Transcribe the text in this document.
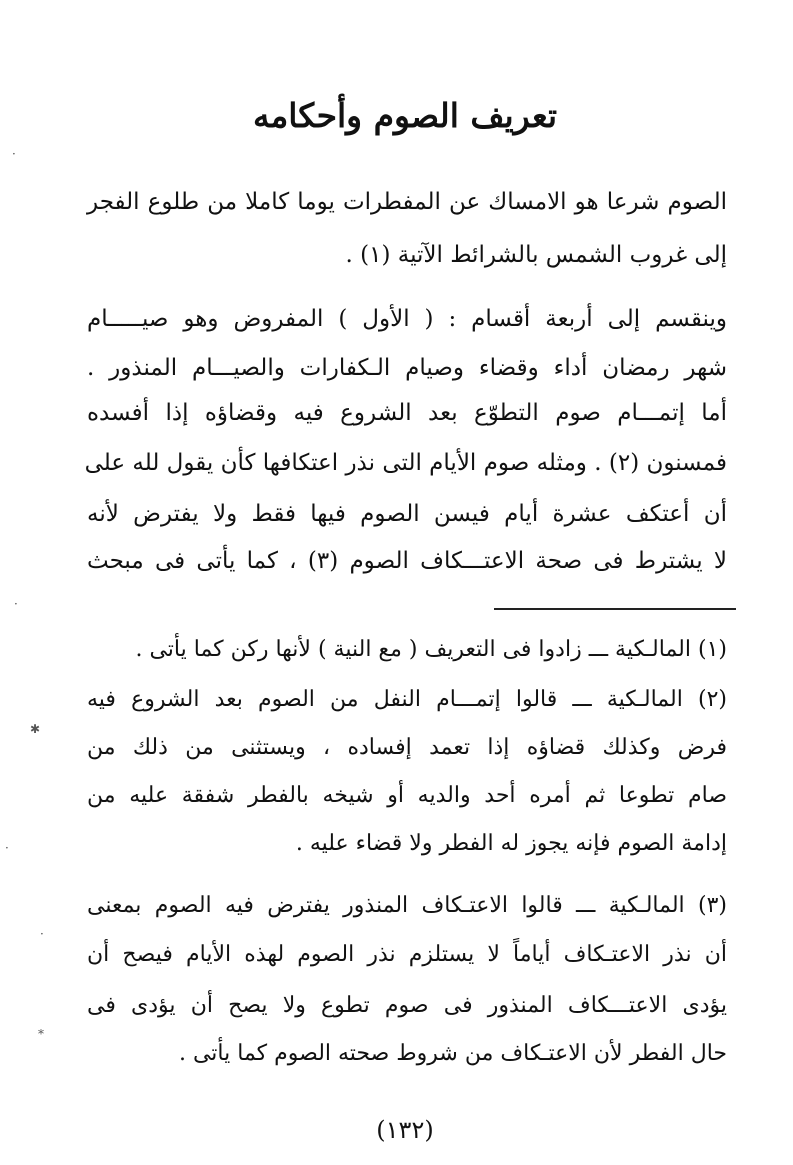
تعريف الصوم وأحكامه
الصوم شرعا هو الامساك عن المفطرات يوما كاملا من طلوع الفجر
إلى غروب الشمس بالشرائط الآتية (١) .
وينقسم إلى أربعة أقسام : ( الأول ) المفروض وهو صيـــــام
شهر رمضان أداء وقضاء وصيام الـكفارات والصيـــام المنذور .
أما إتمـــام صوم التطوّع بعد الشروع فيه وقضاؤه إذا أفسده
فمسنون (٢) . ومثله صوم الأيام التى نذر اعتكافها كأن يقول لله على
أن أعتكف عشرة أيام فيسن الصوم فيها فقط ولا يفترض لأنه
لا يشترط فى صحة الاعتـــكاف الصوم (٣) ، كما يأتى فى مبحث
(١) المالـكية ـــ زادوا فى التعريف ( مع النية ) لأنها ركن كما يأتى .
(٢) المالـكية ـــ قالوا إتمـــام النفل من الصوم بعد الشروع فيه
فرض وكذلك قضاؤه إذا تعمد إفساده ، ويستثنى من ذلك من
صام تطوعا ثم أمره أحد والديه أو شيخه بالفطر شفقة عليه من
إدامة الصوم فإنه يجوز له الفطر ولا قضاء عليه .
(٣) المالـكية ـــ قالوا الاعتـكاف المنذور يفترض فيه الصوم بمعنى
أن نذر الاعتـكاف أياماً لا يستلزم نذر الصوم لهذه الأيام فيصح أن
يؤدى الاعتـــكاف المنذور فى صوم تطوع ولا يصح أن يؤدى فى
حال الفطر لأن الاعتـكاف من شروط صحته الصوم كما يأتى .
(١٣٢)
·
·
✱
·
⁎
·
